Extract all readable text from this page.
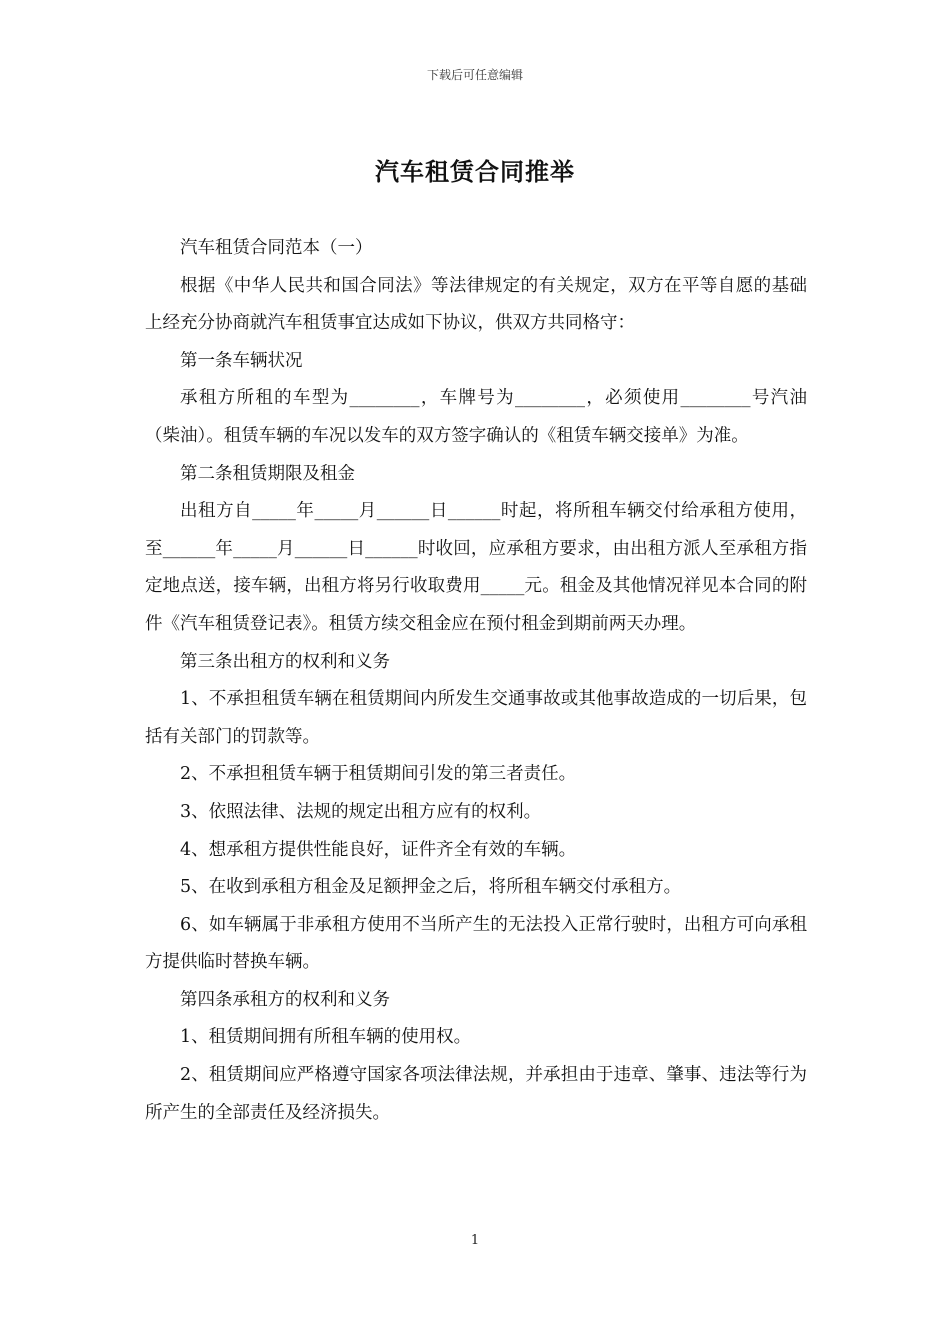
下载后可任意编辑
汽车租赁合同推举

汽车租赁合同范本（一）

根据《中华人民共和国合同法》等法律规定的有关规定，双方在平等自愿的基础上经充分协商就汽车租赁事宜达成如下协议，供双方共同格守：

第一条车辆状况

承租方所租的车型为________，车牌号为________，必须使用________号汽油（柴油）。租赁车辆的车况以发车的双方签字确认的《租赁车辆交接单》为准。

第二条租赁期限及租金

出租方自_____年_____月______日______时起，将所租车辆交付给承租方使用，至______年_____月______日______时收回，应承租方要求，由出租方派人至承租方指定地点送，接车辆，出租方将另行收取费用_____元。租金及其他情况祥见本合同的附件《汽车租赁登记表》。租赁方续交租金应在预付租金到期前两天办理。

第三条出租方的权利和义务

1、不承担租赁车辆在租赁期间内所发生交通事故或其他事故造成的一切后果，包括有关部门的罚款等。

2、不承担租赁车辆于租赁期间引发的第三者责任。

3、依照法律、法规的规定出租方应有的权利。

4、想承租方提供性能良好，证件齐全有效的车辆。

5、在收到承租方租金及足额押金之后，将所租车辆交付承租方。

6、如车辆属于非承租方使用不当所产生的无法投入正常行驶时，出租方可向承租方提供临时替换车辆。

第四条承租方的权利和义务

1、租赁期间拥有所租车辆的使用权。

2、租赁期间应严格遵守国家各项法律法规，并承担由于违章、肇事、违法等行为所产生的全部责任及经济损失。

1
